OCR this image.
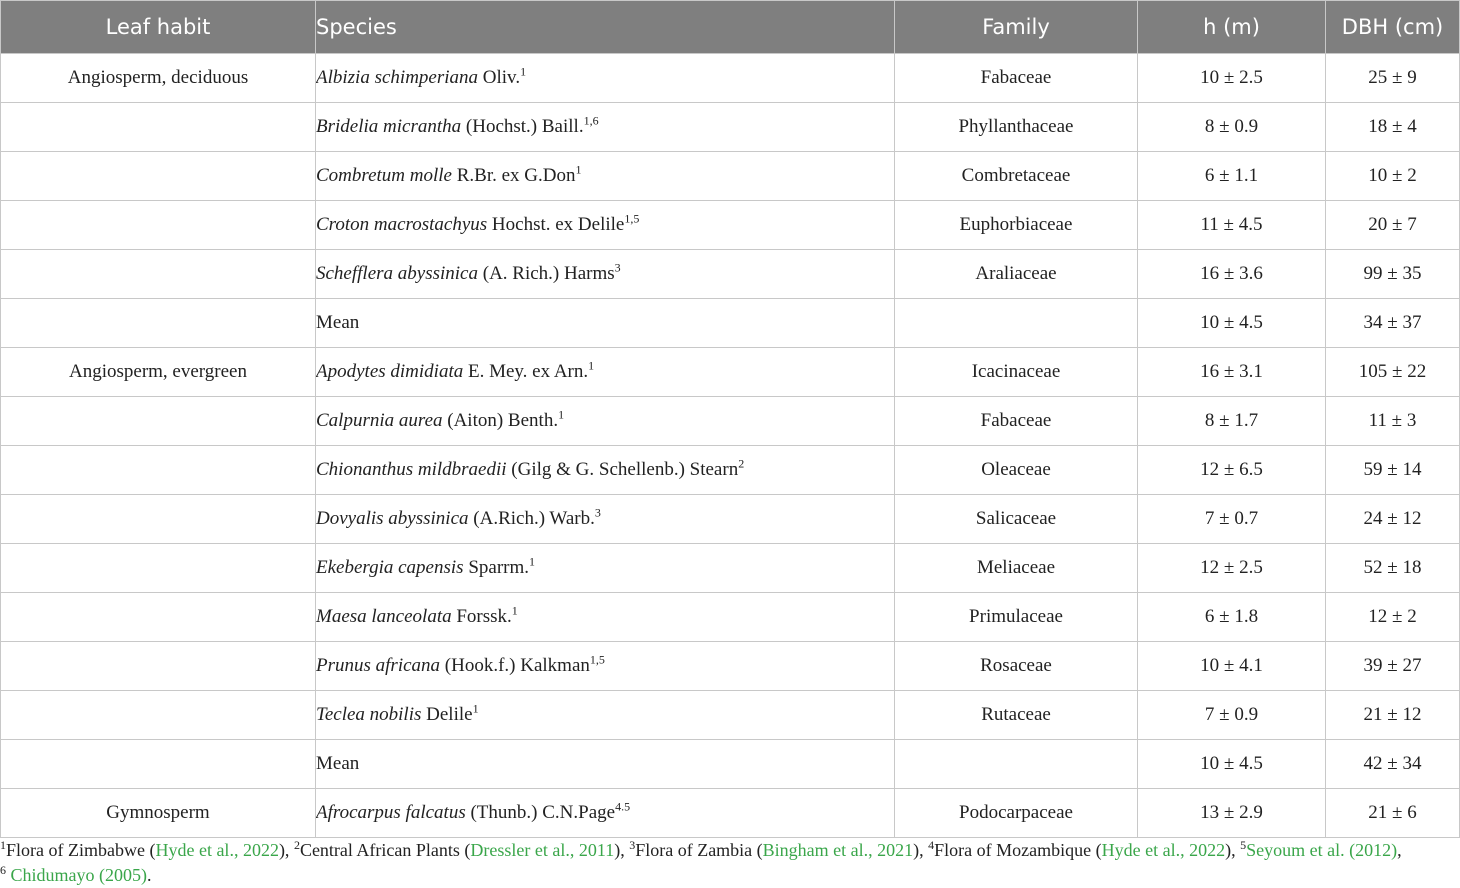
Leaf habit	Species	Family	h (m)	DBH (cm)
Angiosperm, deciduous	Albizia schimperiana Oliv.$^1$	Fabaceae	10 ± 2.5	25 ± 9
	Bridelia micrantha (Hochst.) Baill.$^{1,6}$	Phyllanthaceae	8 ± 0.9	18 ± 4
	Combretum molle R.Br. ex G.Don$^1$	Combretaceae	6 ± 1.1	10 ± 2
	Croton macrostachyus Hochst. ex Delile$^{1,5}$	Euphorbiaceae	11 ± 4.5	20 ± 7
	Schefflera abyssinica (A. Rich.) Harms$^3$	Araliaceae	16 ± 3.6	99 ± 35
	Mean		10 ± 4.5	34 ± 37
Angiosperm, evergreen	Apodytes dimidiata E. Mey. ex Arn.$^1$	Icacinaceae	16 ± 3.1	105 ± 22
	Calpurnia aurea (Aiton) Benth.$^1$	Fabaceae	8 ± 1.7	11 ± 3
	Chionanthus mildbraedii (Gilg & G. Schellenb.) Stearn$^2$	Oleaceae	12 ± 6.5	59 ± 14
	Dovyalis abyssinica (A.Rich.) Warb.$^3$	Salicaceae	7 ± 0.7	24 ± 12
	Ekebergia capensis Sparrm.$^1$	Meliaceae	12 ± 2.5	52 ± 18
	Maesa lanceolata Forssk.$^1$	Primulaceae	6 ± 1.8	12 ± 2
	Prunus africana (Hook.f.) Kalkman$^{1,5}$	Rosaceae	10 ± 4.1	39 ± 27
	Teclea nobilis Delile$^1$	Rutaceae	7 ± 0.9	21 ± 12
	Mean		10 ± 4.5	42 ± 34
Gymnosperm	Afrocarpus falcatus (Thunb.) C.N.Page$^{4.5}$	Podocarpaceae	13 ± 2.9	21 ± 6
$^1$Flora of Zimbabwe (Hyde et al., 2022), $^2$Central African Plants (Dressler et al., 2011), $^3$Flora of Zambia (Bingham et al., 2021), $^4$Flora of Mozambique (Hyde et al., 2022), $^5$Seyoum et al. (2012),
$^6$ Chidumayo (2005).
